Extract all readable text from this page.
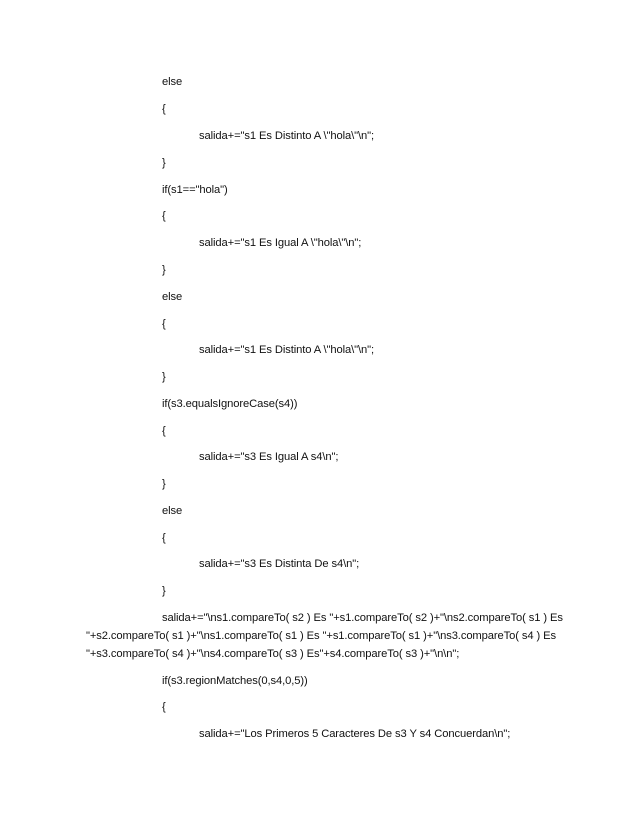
else
{
salida+="s1 Es Distinto A \"hola\"\n";
}
if(s1=="hola")
{
salida+="s1 Es Igual A \"hola\"\n";
}
else
{
salida+="s1 Es Distinto A \"hola\"\n";
}
if(s3.equalsIgnoreCase(s4))
{
salida+="s3 Es Igual A s4\n";
}
else
{
salida+="s3 Es Distinta De s4\n";
}
salida+="\ns1.compareTo( s2 ) Es "+s1.compareTo( s2 )+"\ns2.compareTo( s1 ) Es
"+s2.compareTo( s1 )+"\ns1.compareTo( s1 ) Es "+s1.compareTo( s1 )+"\ns3.compareTo( s4 ) Es
"+s3.compareTo( s4 )+"\ns4.compareTo( s3 ) Es"+s4.compareTo( s3 )+"\n\n";
if(s3.regionMatches(0,s4,0,5))
{
salida+="Los Primeros 5 Caracteres De s3 Y s4 Concuerdan\n";
